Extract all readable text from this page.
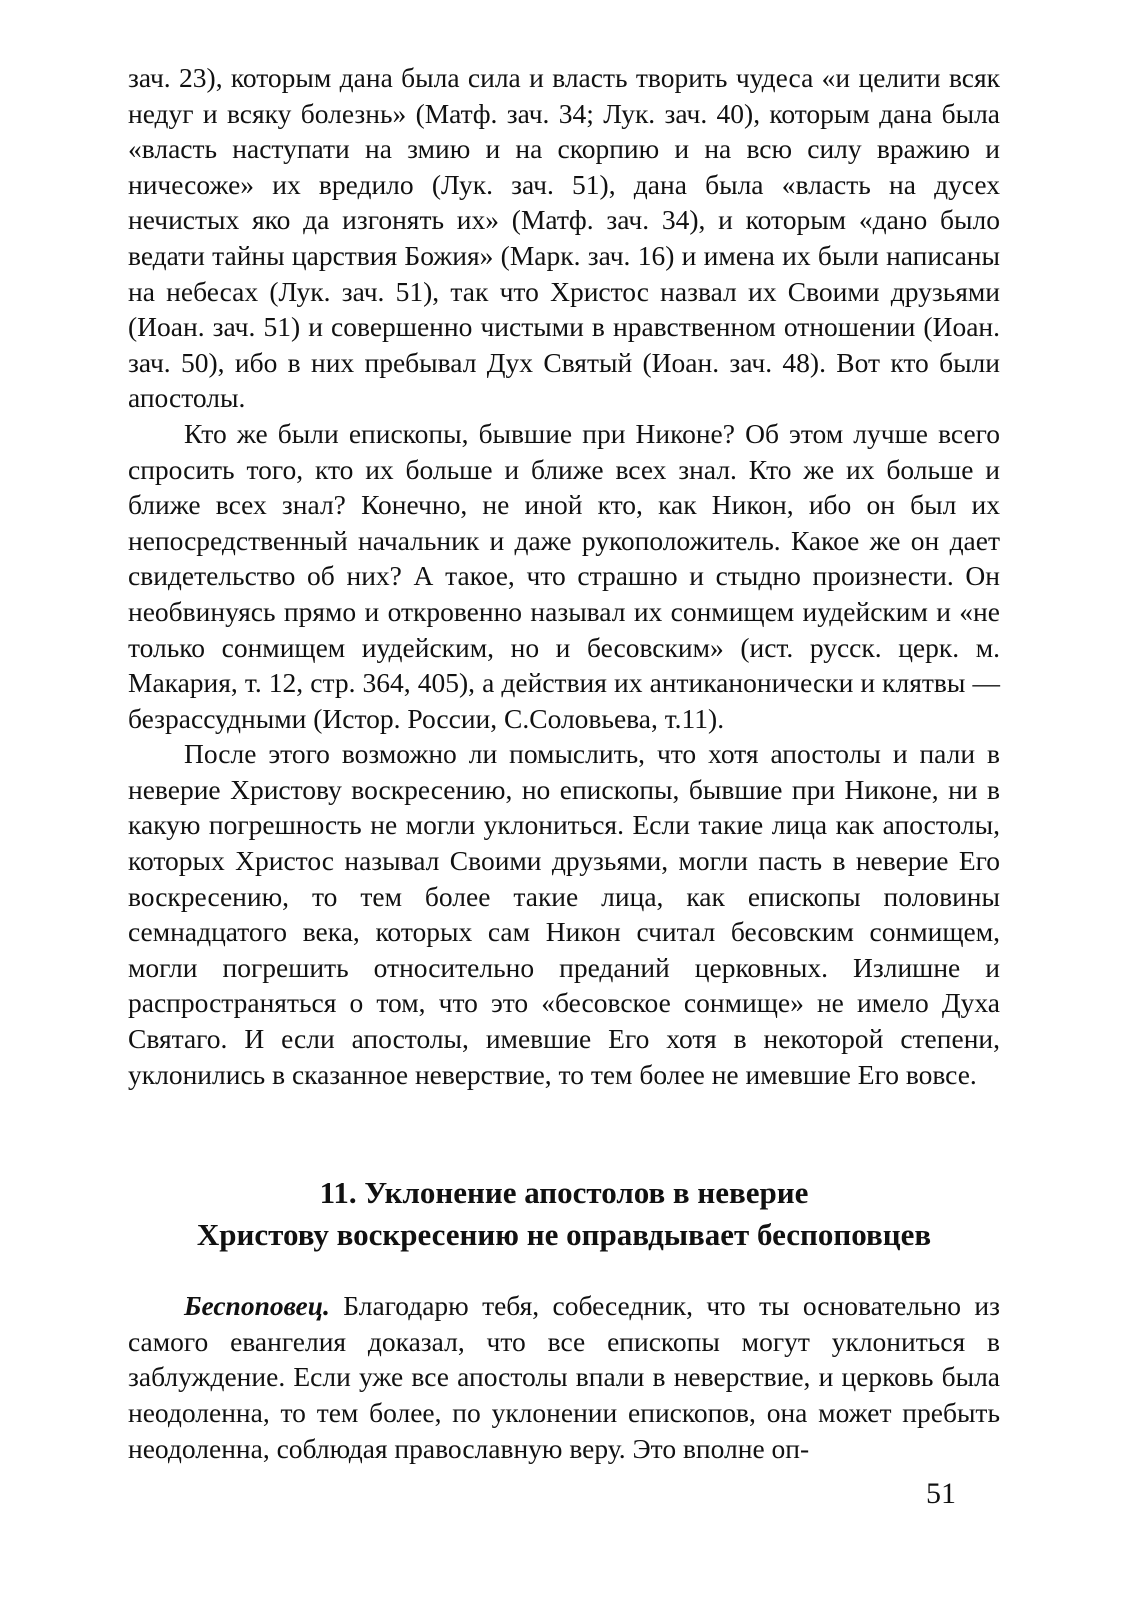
зач. 23), которым дана была сила и власть творить чудеса «и целити всяк недуг и всяку болезнь» (Матф. зач. 34; Лук. зач. 40), которым дана была «власть наступати на змию и на скорпию и на всю силу вражию и ничесоже» их вредило (Лук. зач. 51), дана была «власть на дусех нечистых яко да изгонять их» (Матф. зач. 34), и которым «дано было ведати тайны царствия Божия» (Марк. зач. 16) и имена их были написаны на небесах (Лук. зач. 51), так что Христос назвал их Своими друзьями (Иоан. зач. 51) и совершенно чистыми в нравственном отношении (Иоан. зач. 50), ибо в них пребывал Дух Святый (Иоан. зач. 48). Вот кто были апостолы.

Кто же были епископы, бывшие при Никоне? Об этом лучше всего спросить того, кто их больше и ближе всех знал. Кто же их больше и ближе всех знал? Конечно, не иной кто, как Никон, ибо он был их непосредственный начальник и даже рукоположитель. Какое же он дает свидетельство об них? А такое, что страшно и стыдно произнести. Он необвинуясь прямо и откровенно называл их сонмищем иудейским и «не только сонмищем иудейским, но и бесовским» (ист. русск. церк. м. Макария, т. 12, стр. 364, 405), а действия их антиканонически и клятвы — безрассудными (Истор. России, С.Соловьева, т.11).

После этого возможно ли помыслить, что хотя апостолы и пали в неверие Христову воскресению, но епископы, бывшие при Никоне, ни в какую погрешность не могли уклониться. Если такие лица как апостолы, которых Христос называл Своими друзьями, могли пасть в неверие Его воскресению, то тем более такие лица, как епископы половины семнадцатого века, которых сам Никон считал бесовским сонмищем, могли погрешить относительно преданий церковных. Излишне и распространяться о том, что это «бесовское сонмище» не имело Духа Святаго. И если апостолы, имевшие Его хотя в некоторой степени, уклонились в сказанное неверствие, то тем более не имевшие Его вовсе.

11. Уклонение апостолов в неверие
Христову воскресению не оправдывает беспоповцев

Беспоповец. Благодарю тебя, собеседник, что ты основательно из самого евангелия доказал, что все епископы могут уклониться в заблуждение. Если уже все апостолы впали в неверствие, и церковь была неодоленна, то тем более, по уклонении епископов, она может пребыть неодоленна, соблюдая православную веру. Это вполне оп-

51
